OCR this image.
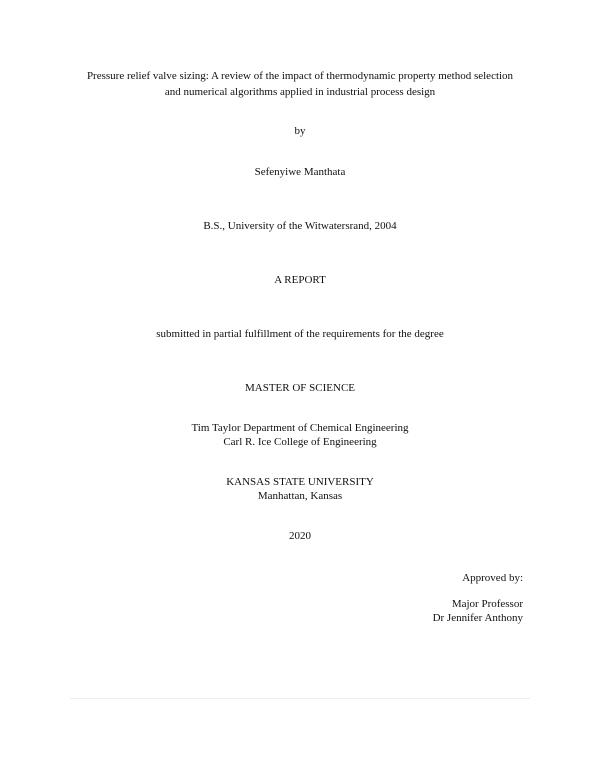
Pressure relief valve sizing: A review of the impact of thermodynamic property method selection
and numerical algorithms applied in industrial process design
by
Sefenyiwe Manthata
B.S., University of the Witwatersrand, 2004
A REPORT
submitted in partial fulfillment of the requirements for the degree
MASTER OF SCIENCE
Tim Taylor Department of Chemical Engineering
Carl R. Ice College of Engineering
KANSAS STATE UNIVERSITY
Manhattan, Kansas
2020
Approved by:
Major Professor
Dr Jennifer Anthony
